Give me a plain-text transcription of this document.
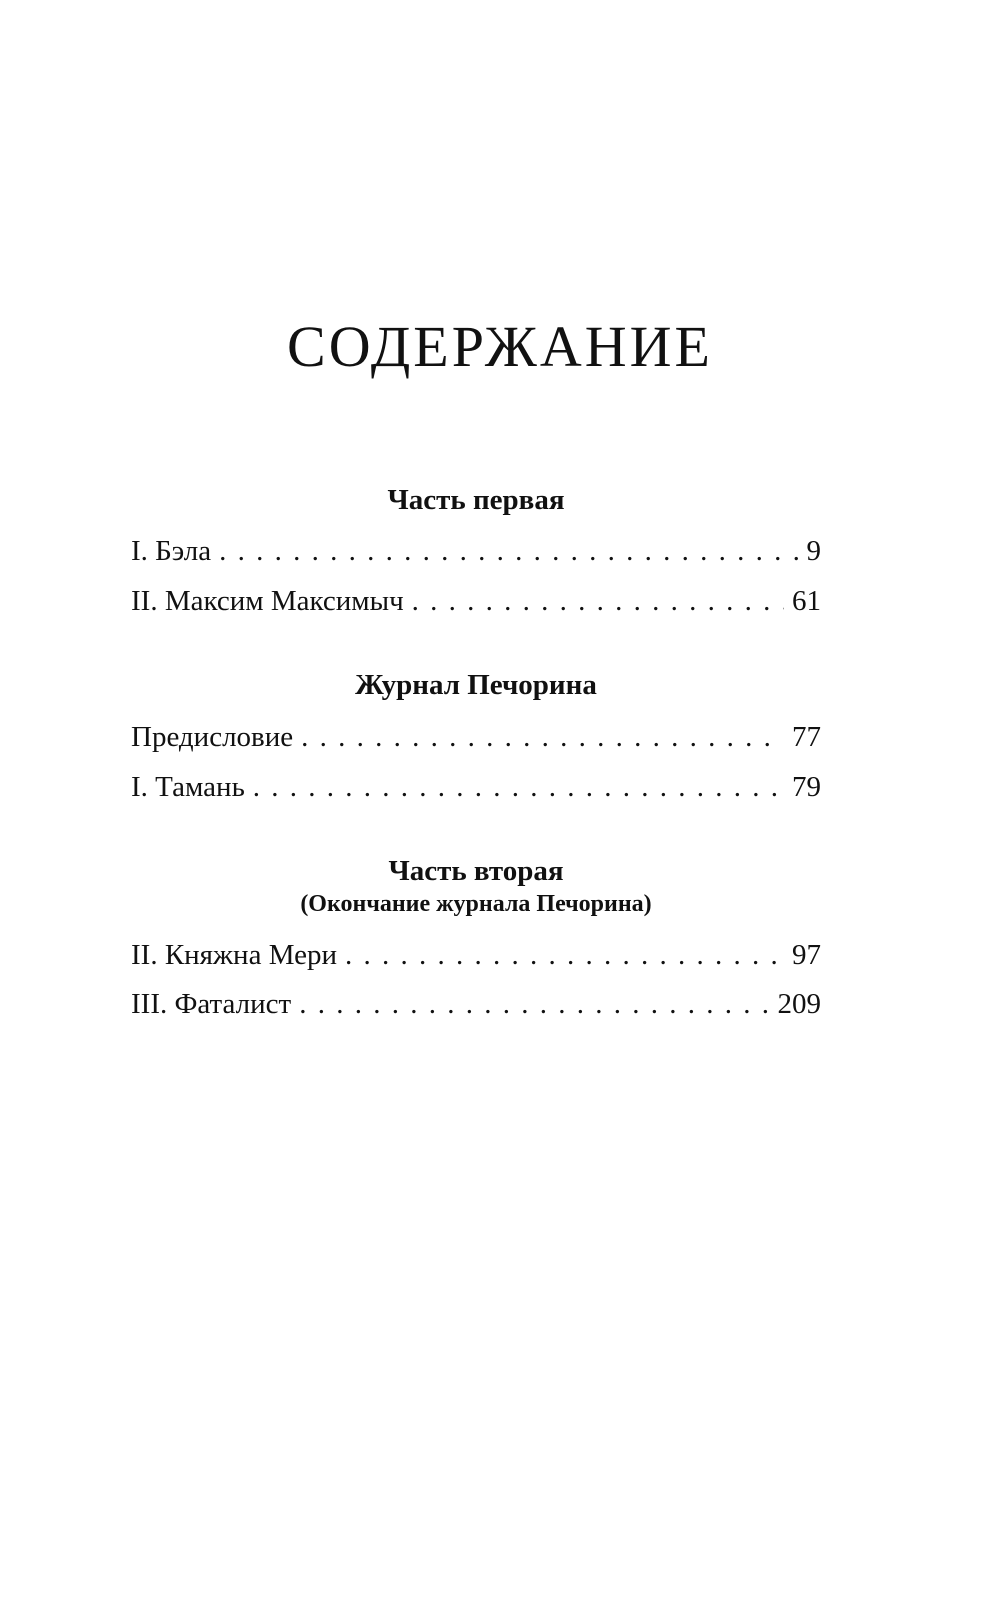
СОДЕРЖАНИЕ
Часть первая
I. Бэла . . .	9
II. Максим Максимыч . . .	61
Журнал Печорина
Предисловие . . .	77
I. Тамань . . .	79
Часть вторая
(Окончание журнала Печорина)
II. Княжна Мери . . .	97
III. Фаталист . . .	209
